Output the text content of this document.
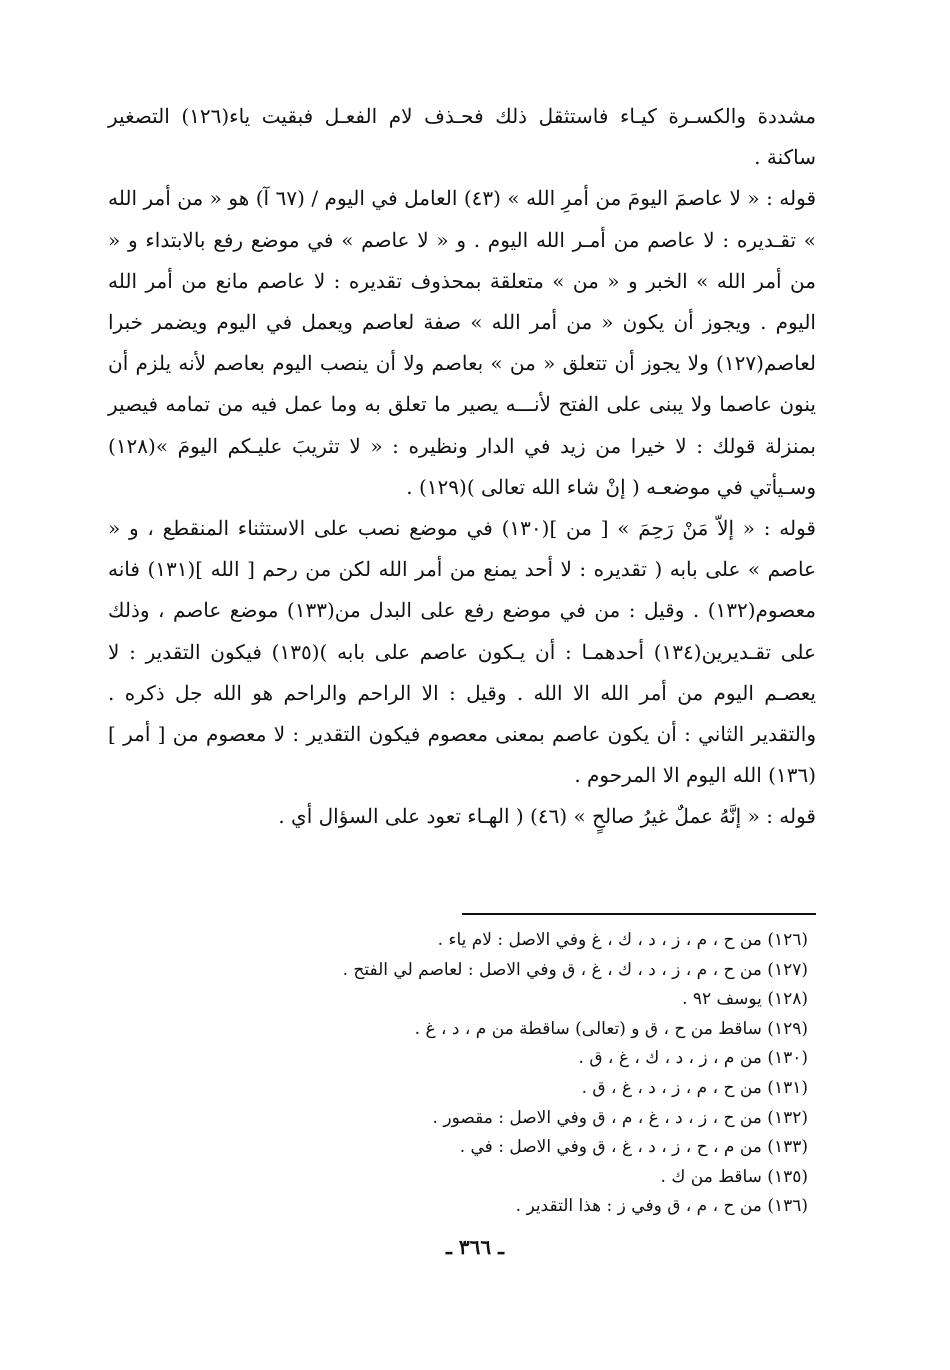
مشددة والكسـرة كيـاء فاستثقل ذلك فحـذف لام الفعـل فبقيت ياء(١٢٦) التصغير ساكنة .

قوله : « لا عاصمَ اليومَ من أمرِ الله » (٤٣) العامل في اليوم / (٦٧ آ) هو « من أمر الله » تقـديره : لا عاصم من أمـر الله اليوم . و « لا عاصم » في موضع رفع بالابتداء و « من أمر الله » الخبر و « من » متعلقة بمحذوف تقديره : لا عاصم مانع من أمر الله اليوم . ويجوز أن يكون « من أمر الله » صفة لعاصم ويعمل في اليوم ويضمر خبرا لعاصم(١٢٧) ولا يجوز أن تتعلق « من » بعاصم ولا أن ينصب اليوم بعاصم لأنه يلزم أن ينون عاصما ولا يبنى على الفتح لأنـــه يصير ما تعلق به وما عمل فيه من تمامه فيصير بمنزلة قولك : لا خيرا من زيد في الدار ونظيره : « لا تثريبَ عليـكم اليومَ »(١٢٨) وسـيأتي في موضعـه ( إنْ شاء الله تعالى )(١٢٩) .

قوله : « إلاّ مَنْ رَحِمَ » [ من ](١٣٠) في موضع نصب على الاستثناء المنقطع ، و « عاصم » على بابه ( تقديره : لا أحد يمنع من أمر الله لكن من رحم [ الله ](١٣١) فانه معصوم(١٣٢) . وقيل : من في موضع رفع على البدل من(١٣٣) موضع عاصم ، وذلك على تقـديرين(١٣٤) أحدهمـا : أن يـكون عاصم على بابه )(١٣٥) فيكون التقدير : لا يعصـم اليوم من أمر الله الا الله . وقيل : الا الراحم والراحم هو الله جل ذكره . والتقدير الثاني : أن يكون عاصم بمعنى معصوم فيكون التقدير : لا معصوم من [ أمر ](١٣٦) الله اليوم الا المرحوم .

قوله : « إنَّهُ عملٌ غيرُ صالحٍ » (٤٦) ( الهـاء تعود على السؤال أي .

(١٢٦) من ح ، م ، ز ، د ، ك ، غ وفي الاصل : لام ياء .
(١٢٧) من ح ، م ، ز ، د ، ك ، غ ، ق وفي الاصل : لعاصم لي الفتح .
(١٢٨) يوسف ٩٢ .
(١٢٩) ساقط من ح ، ق و (تعالى) ساقطة من م ، د ، غ .
(١٣٠) من م ، ز ، د ، ك ، غ ، ق .
(١٣١) من ح ، م ، ز ، د ، غ ، ق .
(١٣٢) من ح ، ز ، د ، غ ، م ، ق وفي الاصل : مقصور .
(١٣٣) من م ، ح ، ز ، د ، غ ، ق وفي الاصل : في .
(١٣٥) ساقط من ك .
(١٣٦) من ح ، م ، ق وفي ز : هذا التقدير .
ـ ٣٦٦ ـ
